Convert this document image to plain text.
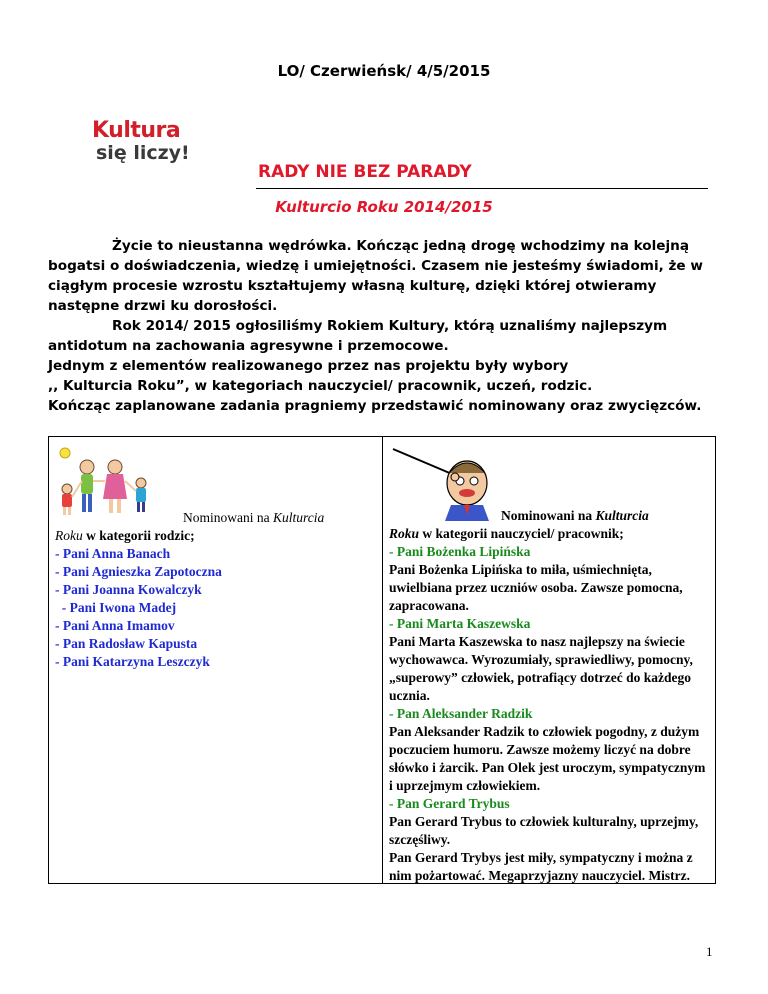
LO/ Czerwieńsk/ 4/5/2015
Kultura
się liczy!
RADY NIE BEZ PARADY
Kulturcio Roku 2014/2015

Życie to nieustanna wędrówka. Kończąc jedną drogę wchodzimy na kolejną bogatsi o doświadczenia, wiedzę i umiejętności. Czasem nie jesteśmy świadomi, że w ciągłym procesie wzrostu kształtujemy własną kulturę, dzięki której otwieramy następne drzwi ku dorosłości.

Rok 2014/ 2015 ogłosiliśmy Rokiem Kultury, którą uznaliśmy najlepszym antidotum na zachowania agresywne i przemocowe.

Jednym z elementów realizowanego przez nas projektu były wybory

,, Kulturcia Roku”, w kategoriach nauczyciel/ pracownik, uczeń, rodzic.

Kończąc zaplanowane zadania pragniemy przedstawić nominowany oraz zwycięzców.

Nominowani na Kulturcia
Roku w kategorii rodzic;
- Pani Anna Banach
- Pani Agnieszka Zapotoczna
- Pani Joanna Kowalczyk
- Pani Iwona Madej
- Pani Anna Imamov
- Pan Radosław Kapusta
- Pani Katarzyna Leszczyk
Nominowani na Kulturcia
Roku w kategorii nauczyciel/ pracownik;
- Pani Bożenka Lipińska
Pani Bożenka Lipińska to miła, uśmiechnięta, uwielbiana przez uczniów osoba. Zawsze pomocna, zapracowana.
- Pani Marta Kaszewska
Pani Marta Kaszewska to nasz najlepszy na świecie wychowawca. Wyrozumiały, sprawiedliwy, pomocny, „superowy” człowiek, potrafiący dotrzeć do każdego ucznia.
- Pan Aleksander Radzik
Pan Aleksander Radzik to człowiek pogodny, z dużym poczuciem humoru. Zawsze możemy liczyć na dobre słówko i żarcik. Pan Olek jest uroczym, sympatycznym i uprzejmym człowiekiem.
- Pan Gerard Trybus
Pan Gerard Trybus to człowiek kulturalny, uprzejmy, szczęśliwy.
Pan Gerard Trybys jest miły, sympatyczny i można z nim pożartować. Megaprzyjazny nauczyciel. Mistrz.
1
